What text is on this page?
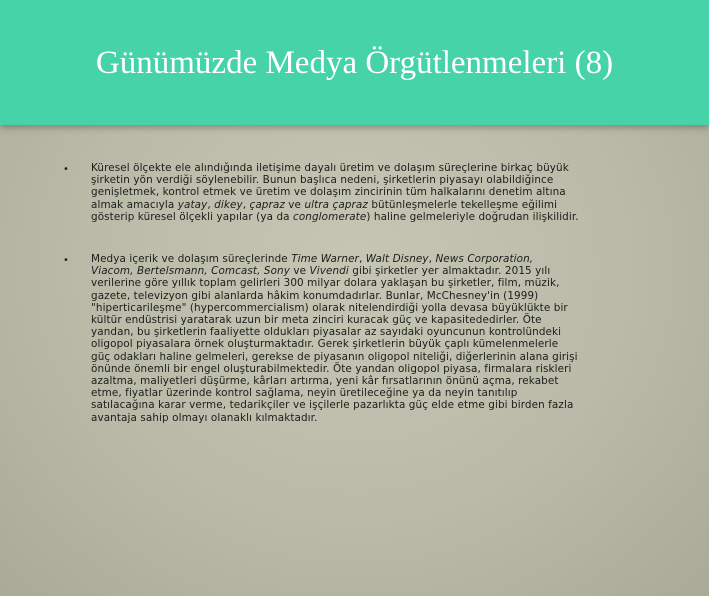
Günümüzde Medya Örgütlenmeleri (8)
• Küresel ölçekte ele alındığında iletişime dayalı üretim ve dolaşım süreçlerine birkaç büyük
şirketin yön verdiği söylenebilir. Bunun başlıca nedeni, şirketlerin piyasayı olabildiğince
genişletmek, kontrol etmek ve üretim ve dolaşım zincirinin tüm halkalarını denetim altına
almak amacıyla yatay, dikey, çapraz ve ultra çapraz bütünleşmelerle tekelleşme eğilimi
gösterip küresel ölçekli yapılar (ya da conglomerate) haline gelmeleriyle doğrudan ilişkilidir.

• Medya içerik ve dolaşım süreçlerinde Time Warner, Walt Disney, News Corporation,
Viacom, Bertelsmann, Comcast, Sony ve Vivendi gibi şirketler yer almaktadır. 2015 yılı
verilerine göre yıllık toplam gelirleri 300 milyar dolara yaklaşan bu şirketler, film, müzik,
gazete, televizyon gibi alanlarda hâkim konumdadırlar. Bunlar, McChesney'in (1999)
"hiperticarileşme" (hypercommercialism) olarak nitelendirdiği yolla devasa büyüklükte bir
kültür endüstrisi yaratarak uzun bir meta zinciri kuracak güç ve kapasitededirler. Öte
yandan, bu şirketlerin faaliyette oldukları piyasalar az sayıdaki oyuncunun kontrolündeki
oligopol piyasalara örnek oluşturmaktadır. Gerek şirketlerin büyük çaplı kümelenmelerle
güç odakları haline gelmeleri, gerekse de piyasanın oligopol niteliği, diğerlerinin alana girişi
önünde önemli bir engel oluşturabilmektedir. Öte yandan oligopol piyasa, firmalara riskleri
azaltma, maliyetleri düşürme, kârları artırma, yeni kâr fırsatlarının önünü açma, rekabet
etme, fiyatlar üzerinde kontrol sağlama, neyin üretileceğine ya da neyin tanıtılıp
satılacağına karar verme, tedarikçiler ve işçilerle pazarlıkta güç elde etme gibi birden fazla
avantaja sahip olmayı olanaklı kılmaktadır.
